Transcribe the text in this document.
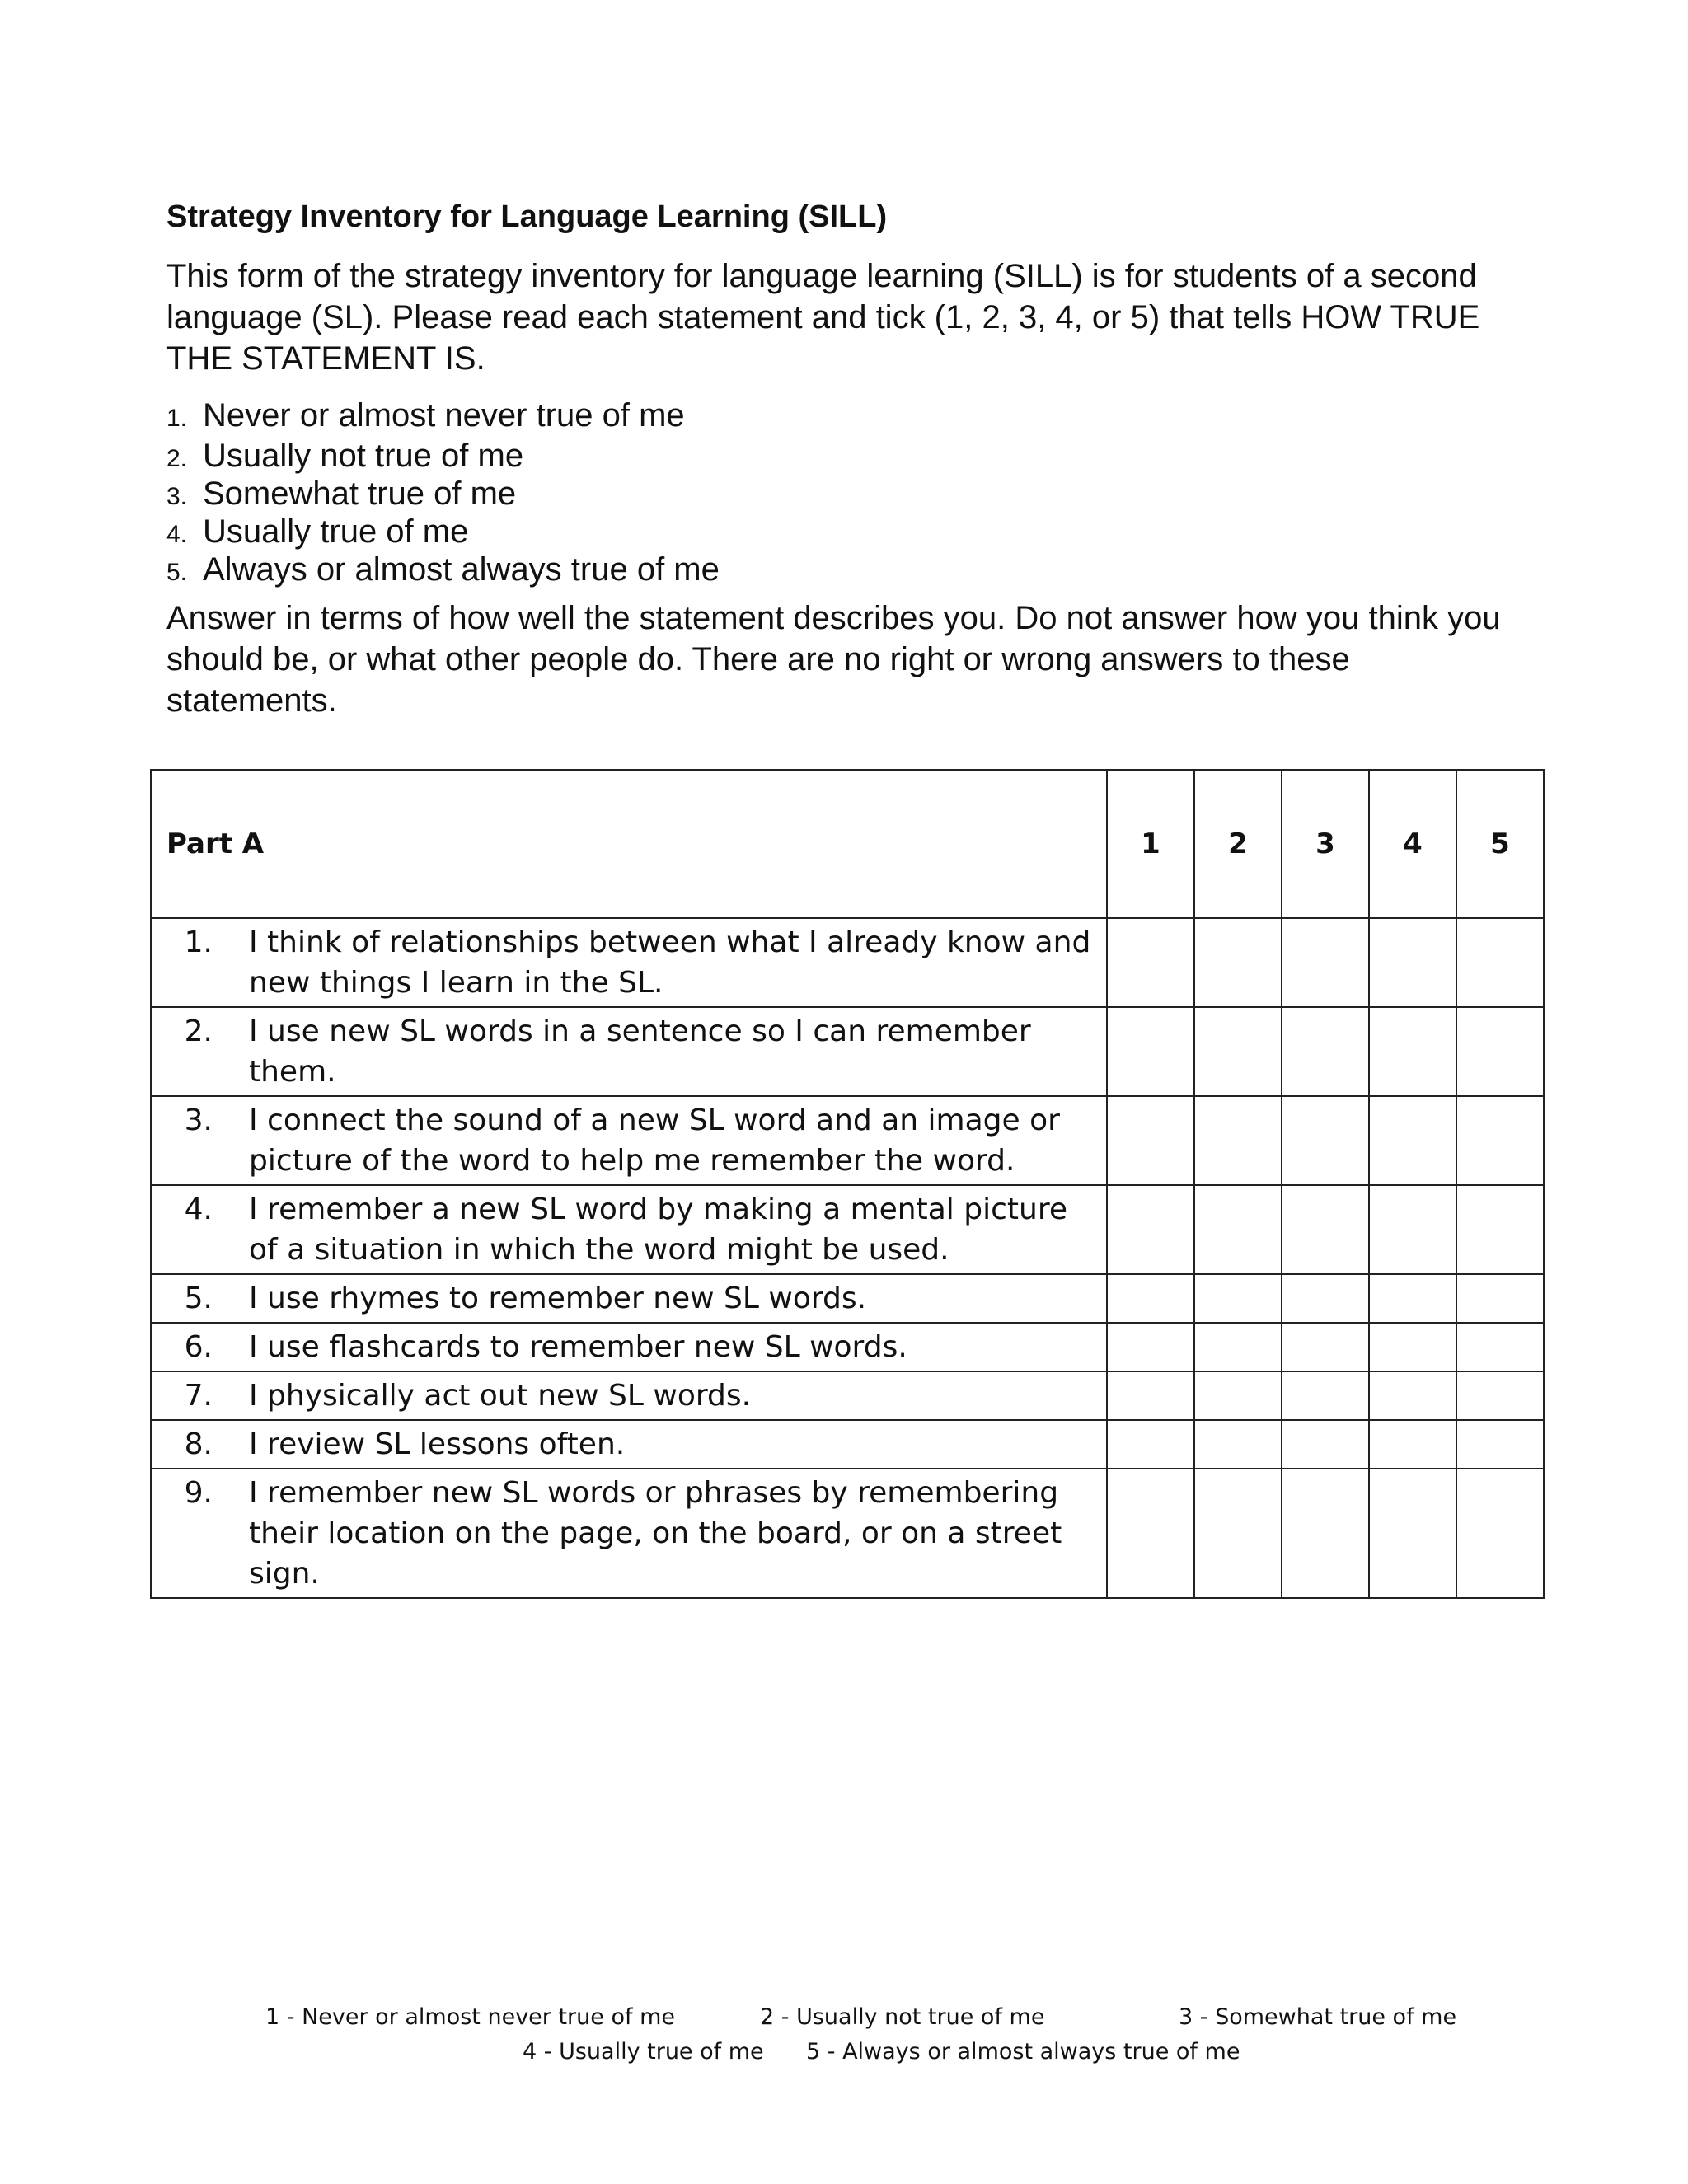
Strategy Inventory for Language Learning (SILL)
This form of the strategy inventory for language learning (SILL) is for students of a second language (SL). Please read each statement and tick (1, 2, 3, 4, or 5) that tells HOW TRUE THE STATEMENT IS.
1. Never or almost never true of me
2. Usually not true of me
3. Somewhat true of me
4. Usually true of me
5. Always or almost always true of me
Answer in terms of how well the statement describes you. Do not answer how you think you should be, or what other people do. There are no right or wrong answers to these statements.
Part A	1	2	3	4	5

1. I think of relationships between what I already know and new things I learn in the SL.					

2. I use new SL words in a sentence so I can remember them.					

3. I connect the sound of a new SL word and an image or picture of the word to help me remember the word.					

4. I remember a new SL word by making a mental picture of a situation in which the word might be used.					

5. I use rhymes to remember new SL words.					

6. I use flashcards to remember new SL words.					

7. I physically act out new SL words.					

8. I review SL lessons often.					

9. I remember new SL words or phrases by remembering their location on the page, on the board, or on a street sign.					

1 - Never or almost never true of me	2 - Usually not true of me	3 - Somewhat true of me
4 - Usually true of me 5 - Always or almost always true of me
